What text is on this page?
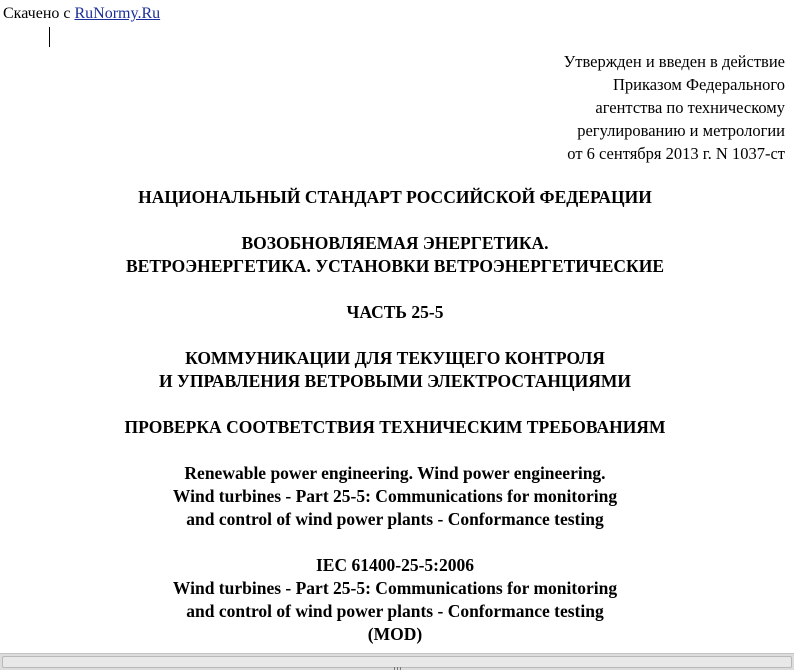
Скачено с RuNormy.Ru
Утвержден и введен в действие
Приказом Федерального
агентства по техническому
регулированию и метрологии
от 6 сентября 2013 г. N 1037-ст
НАЦИОНАЛЬНЫЙ СТАНДАРТ РОССИЙСКОЙ ФЕДЕРАЦИИ
ВОЗОБНОВЛЯЕМАЯ ЭНЕРГЕТИКА.
ВЕТРОЭНЕРГЕТИКА. УСТАНОВКИ ВЕТРОЭНЕРГЕТИЧЕСКИЕ
ЧАСТЬ 25-5
КОММУНИКАЦИИ ДЛЯ ТЕКУЩЕГО КОНТРОЛЯ
И УПРАВЛЕНИЯ ВЕТРОВЫМИ ЭЛЕКТРОСТАНЦИЯМИ
ПРОВЕРКА СООТВЕТСТВИЯ ТЕХНИЧЕСКИМ ТРЕБОВАНИЯМ
Renewable power engineering. Wind power engineering.
Wind turbines - Part 25-5: Communications for monitoring
and control of wind power plants - Conformance testing
IEC 61400-25-5:2006
Wind turbines - Part 25-5: Communications for monitoring
and control of wind power plants - Conformance testing
(MOD)
